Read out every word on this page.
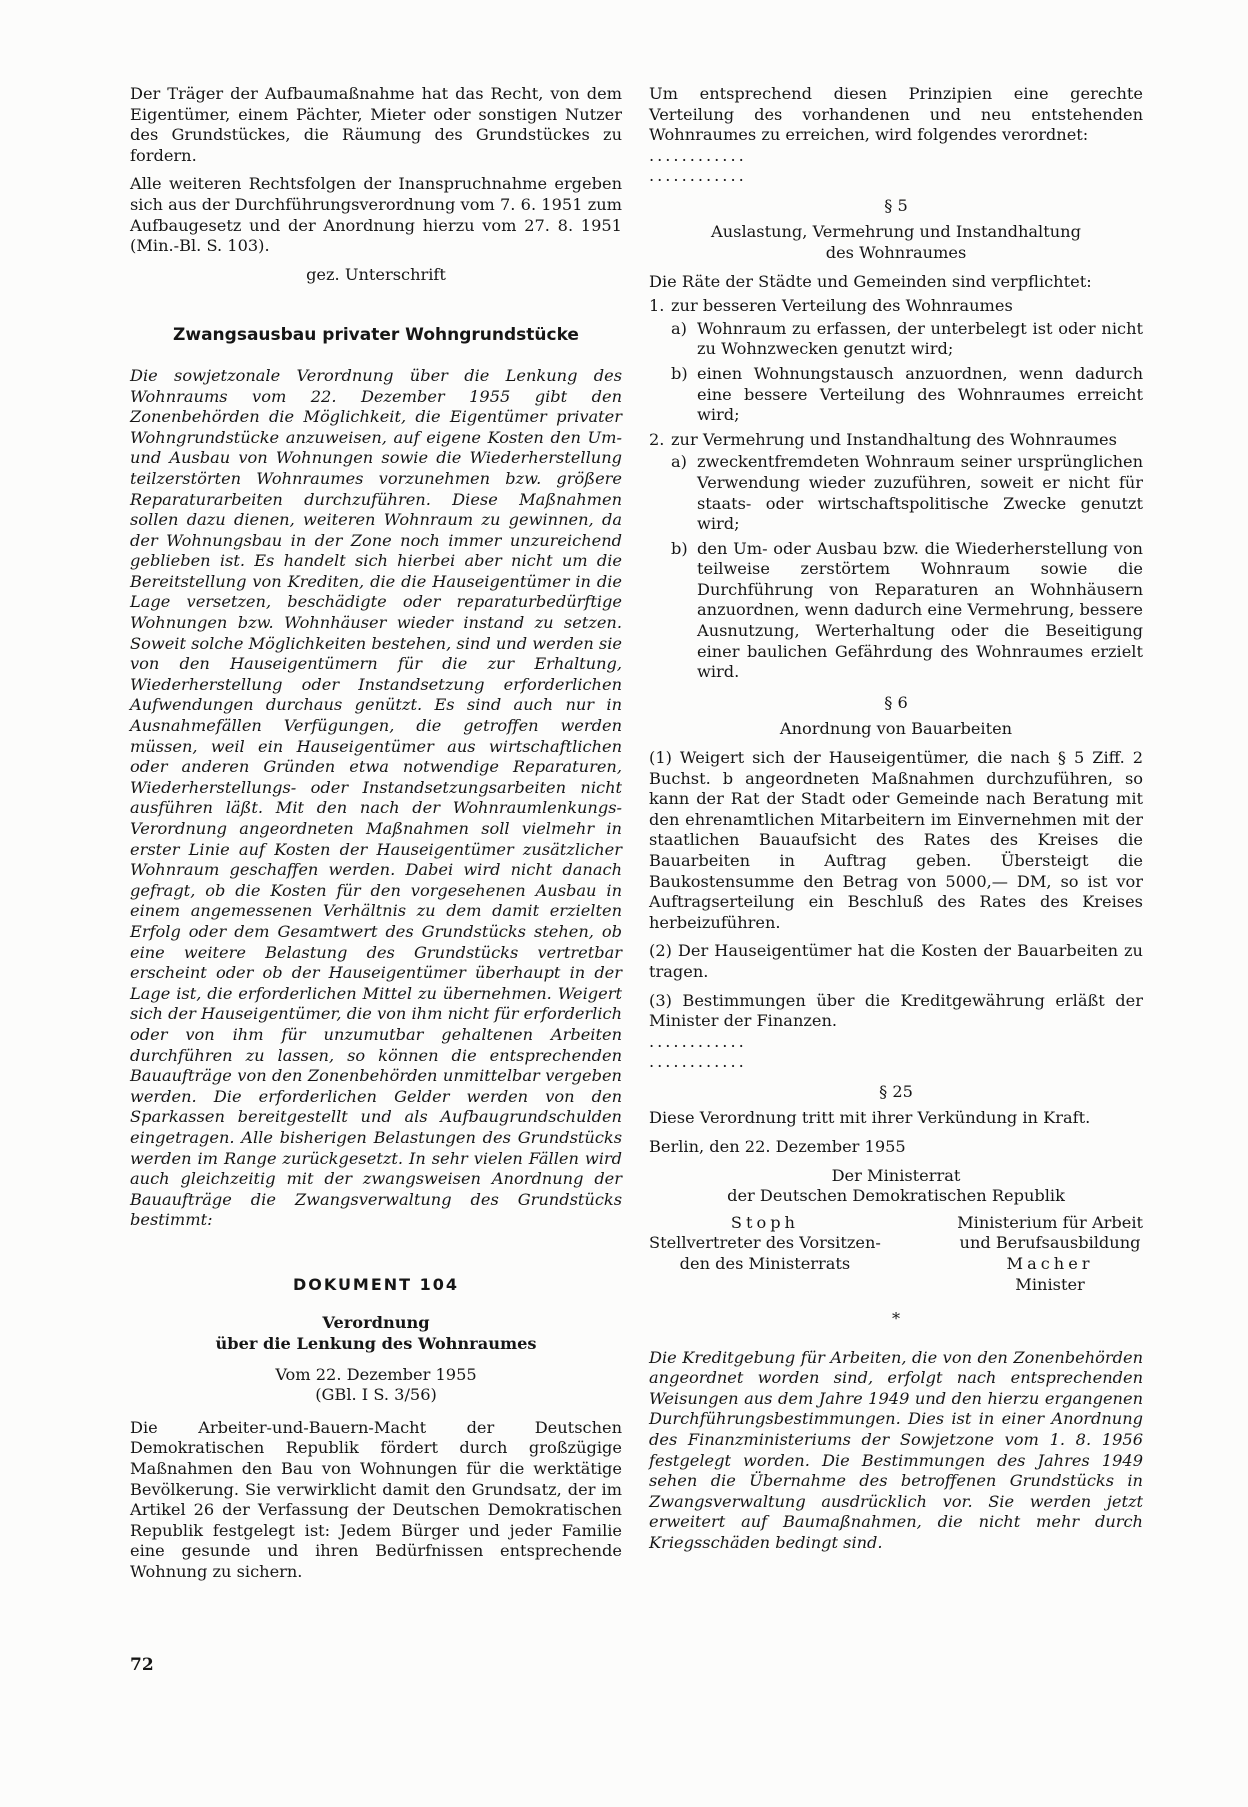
Der Träger der Aufbaumaßnahme hat das Recht, von dem Eigentümer, einem Pächter, Mieter oder sonstigen Nutzer des Grundstückes, die Räumung des Grundstückes zu fordern.

Alle weiteren Rechtsfolgen der Inanspruchnahme ergeben sich aus der Durchführungsverordnung vom 7. 6. 1951 zum Aufbaugesetz und der Anordnung hierzu vom 27. 8. 1951 (Min.-Bl. S. 103).

gez. Unterschrift
Zwangsausbau privater Wohngrundstücke

Die sowjetzonale Verordnung über die Lenkung des Wohnraums vom 22. Dezember 1955 gibt den Zonenbehörden die Möglichkeit, die Eigentümer privater Wohngrundstücke anzuweisen, auf eigene Kosten den Um- und Ausbau von Wohnungen sowie die Wiederherstellung teilzerstörten Wohnraumes vorzunehmen bzw. größere Reparaturarbeiten durchzuführen. Diese Maßnahmen sollen dazu dienen, weiteren Wohnraum zu gewinnen, da der Wohnungsbau in der Zone noch immer unzureichend geblieben ist. Es handelt sich hierbei aber nicht um die Bereitstellung von Krediten, die die Hauseigentümer in die Lage versetzen, beschädigte oder reparaturbedürftige Wohnungen bzw. Wohnhäuser wieder instand zu setzen. Soweit solche Möglichkeiten bestehen, sind und werden sie von den Hauseigentümern für die zur Erhaltung, Wiederherstellung oder Instandsetzung erforderlichen Aufwendungen durchaus genützt. Es sind auch nur in Ausnahmefällen Verfügungen, die getroffen werden müssen, weil ein Hauseigentümer aus wirtschaftlichen oder anderen Gründen etwa notwendige Reparaturen, Wiederherstellungs- oder Instandsetzungsarbeiten nicht ausführen läßt. Mit den nach der Wohnraumlenkungs-Verordnung angeordneten Maßnahmen soll vielmehr in erster Linie auf Kosten der Hauseigentümer zusätzlicher Wohnraum geschaffen werden. Dabei wird nicht danach gefragt, ob die Kosten für den vorgesehenen Ausbau in einem angemessenen Verhältnis zu dem damit erzielten Erfolg oder dem Gesamtwert des Grundstücks stehen, ob eine weitere Belastung des Grundstücks vertretbar erscheint oder ob der Hauseigentümer überhaupt in der Lage ist, die erforderlichen Mittel zu übernehmen. Weigert sich der Hauseigentümer, die von ihm nicht für erforderlich oder von ihm für unzumutbar gehaltenen Arbeiten durchführen zu lassen, so können die entsprechenden Bauaufträge von den Zonenbehörden unmittelbar vergeben werden. Die erforderlichen Gelder werden von den Sparkassen bereitgestellt und als Aufbaugrundschulden eingetragen. Alle bisherigen Belastungen des Grundstücks werden im Range zurückgesetzt. In sehr vielen Fällen wird auch gleichzeitig mit der zwangsweisen Anordnung der Bauaufträge die Zwangsverwaltung des Grundstücks bestimmt:

DOKUMENT 104
Verordnung
über die Lenkung des Wohnraumes
Vom 22. Dezember 1955
(GBl. I S. 3/56)

Die Arbeiter-und-Bauern-Macht der Deutschen Demokratischen Republik fördert durch großzügige Maßnahmen den Bau von Wohnungen für die werktätige Bevölkerung. Sie verwirklicht damit den Grundsatz, der im Artikel 26 der Verfassung der Deutschen Demokratischen Republik festgelegt ist: Jedem Bürger und jeder Familie eine gesunde und ihren Bedürfnissen entsprechende Wohnung zu sichern.

Um entsprechend diesen Prinzipien eine gerechte Verteilung des vorhandenen und neu entstehenden Wohnraumes zu erreichen, wird folgendes verordnet:

............
............
§ 5
Auslastung, Vermehrung und Instandhaltung
des Wohnraumes

Die Räte der Städte und Gemeinden sind verpflichtet:

1. zur besseren Verteilung des Wohnraumes
a) Wohnraum zu erfassen, der unterbelegt ist oder nicht zu Wohnzwecken genutzt wird;
b) einen Wohnungstausch anzuordnen, wenn dadurch eine bessere Verteilung des Wohnraumes erreicht wird;
2. zur Vermehrung und Instandhaltung des Wohnraumes
a) zweckentfremdeten Wohnraum seiner ursprünglichen Verwendung wieder zuzuführen, soweit er nicht für staats- oder wirtschaftspolitische Zwecke genutzt wird;
b) den Um- oder Ausbau bzw. die Wiederherstellung von teilweise zerstörtem Wohnraum sowie die Durchführung von Reparaturen an Wohnhäusern anzuordnen, wenn dadurch eine Vermehrung, bessere Ausnutzung, Werterhaltung oder die Beseitigung einer baulichen Gefährdung des Wohnraumes erzielt wird.
§ 6
Anordnung von Bauarbeiten

(1) Weigert sich der Hauseigentümer, die nach § 5 Ziff. 2 Buchst. b angeordneten Maßnahmen durchzuführen, so kann der Rat der Stadt oder Gemeinde nach Beratung mit den ehrenamtlichen Mitarbeitern im Einvernehmen mit der staatlichen Bauaufsicht des Rates des Kreises die Bauarbeiten in Auftrag geben. Übersteigt die Baukostensumme den Betrag von 5000,— DM, so ist vor Auftragserteilung ein Beschluß des Rates des Kreises herbeizuführen.

(2) Der Hauseigentümer hat die Kosten der Bauarbeiten zu tragen.

(3) Bestimmungen über die Kreditgewährung erläßt der Minister der Finanzen.

............
............
§ 25

Diese Verordnung tritt mit ihrer Verkündung in Kraft.

Berlin, den 22. Dezember 1955

Der Ministerrat
der Deutschen Demokratischen Republik
Stoph
Stellvertreter des Vorsitzen-
den des Ministerrats
Ministerium für Arbeit
und Berufsausbildung
Macher
Minister
*

Die Kreditgebung für Arbeiten, die von den Zonenbehörden angeordnet worden sind, erfolgt nach entsprechenden Weisungen aus dem Jahre 1949 und den hierzu ergangenen Durchführungsbestimmungen. Dies ist in einer Anordnung des Finanzministeriums der Sowjetzone vom 1. 8. 1956 festgelegt worden. Die Bestimmungen des Jahres 1949 sehen die Übernahme des betroffenen Grundstücks in Zwangsverwaltung ausdrücklich vor. Sie werden jetzt erweitert auf Baumaßnahmen, die nicht mehr durch Kriegsschäden bedingt sind.

72
